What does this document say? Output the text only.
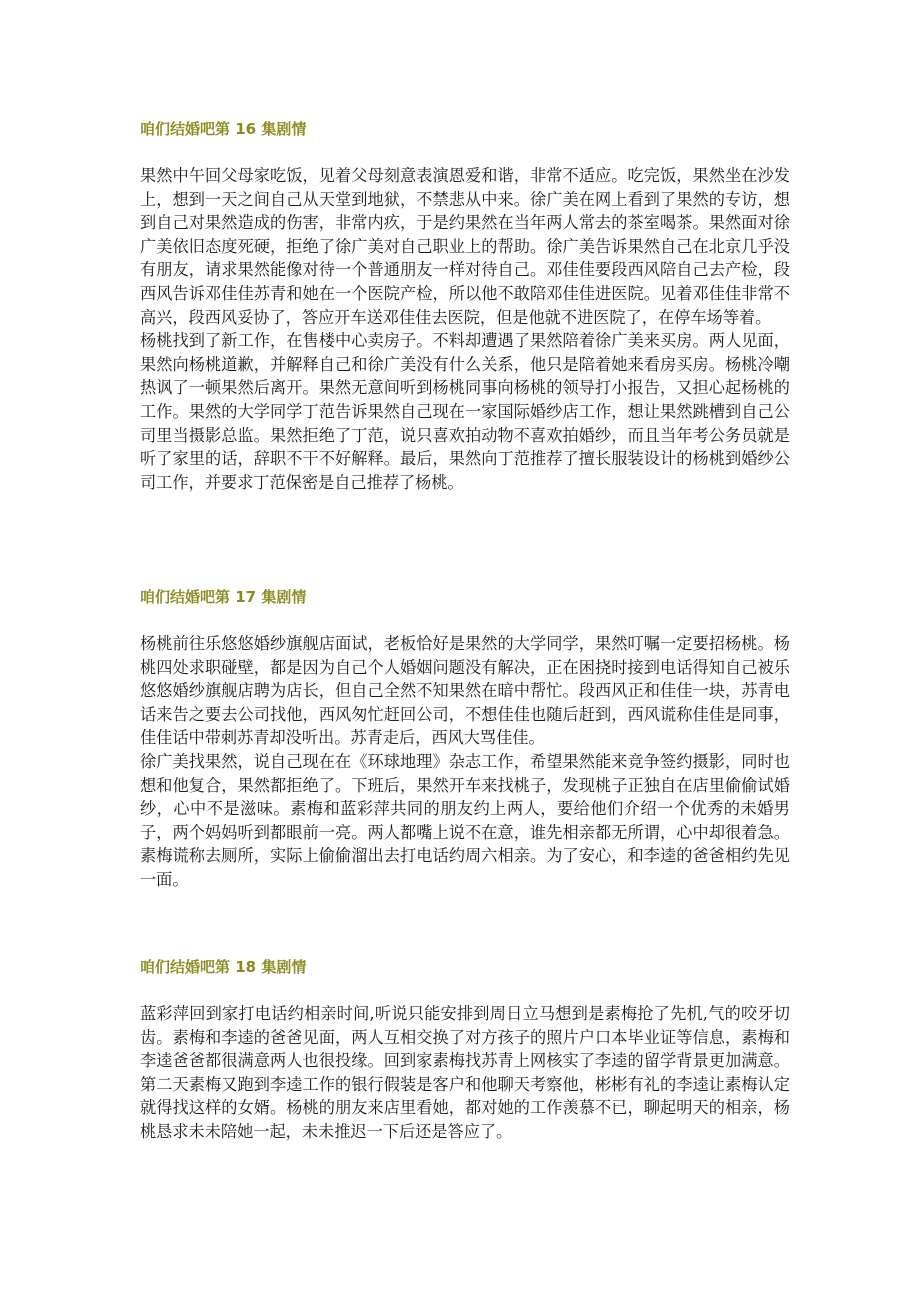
咱们结婚吧第 16 集剧情

果然中午回父母家吃饭，见着父母刻意表演恩爱和谐，非常不适应。吃完饭，果然坐在沙发上，想到一天之间自己从天堂到地狱，不禁悲从中来。徐广美在网上看到了果然的专访，想到自己对果然造成的伤害，非常内疚，于是约果然在当年两人常去的茶室喝茶。果然面对徐广美依旧态度死硬，拒绝了徐广美对自己职业上的帮助。徐广美告诉果然自己在北京几乎没有朋友，请求果然能像对待一个普通朋友一样对待自己。邓佳佳要段西风陪自己去产检，段西风告诉邓佳佳苏青和她在一个医院产检，所以他不敢陪邓佳佳进医院。见着邓佳佳非常不高兴，段西风妥协了，答应开车送邓佳佳去医院，但是他就不进医院了，在停车场等着。

杨桃找到了新工作，在售楼中心卖房子。不料却遭遇了果然陪着徐广美来买房。两人见面，果然向杨桃道歉，并解释自己和徐广美没有什么关系，他只是陪着她来看房买房。杨桃冷嘲热讽了一顿果然后离开。果然无意间听到杨桃同事向杨桃的领导打小报告，又担心起杨桃的工作。果然的大学同学丁范告诉果然自己现在一家国际婚纱店工作，想让果然跳槽到自己公司里当摄影总监。果然拒绝了丁范，说只喜欢拍动物不喜欢拍婚纱，而且当年考公务员就是听了家里的话，辞职不干不好解释。最后，果然向丁范推荐了擅长服装设计的杨桃到婚纱公司工作，并要求丁范保密是自己推荐了杨桃。

咱们结婚吧第 17 集剧情

杨桃前往乐悠悠婚纱旗舰店面试，老板恰好是果然的大学同学，果然叮嘱一定要招杨桃。杨桃四处求职碰壁，都是因为自己个人婚姻问题没有解决，正在困挠时接到电话得知自己被乐悠悠婚纱旗舰店聘为店长，但自己全然不知果然在暗中帮忙。段西风正和佳佳一块，苏青电话来告之要去公司找他，西风匆忙赶回公司，不想佳佳也随后赶到，西风谎称佳佳是同事，佳佳话中带刺苏青却没听出。苏青走后，西风大骂佳佳。

徐广美找果然，说自己现在在《环球地理》杂志工作，希望果然能来竞争签约摄影，同时也想和他复合，果然都拒绝了。下班后，果然开车来找桃子，发现桃子正独自在店里偷偷试婚纱，心中不是滋味。素梅和蓝彩萍共同的朋友约上两人，要给他们介绍一个优秀的未婚男子，两个妈妈听到都眼前一亮。两人都嘴上说不在意，谁先相亲都无所谓，心中却很着急。素梅谎称去厕所，实际上偷偷溜出去打电话约周六相亲。为了安心，和李逵的爸爸相约先见一面。

咱们结婚吧第 18 集剧情

蓝彩萍回到家打电话约相亲时间,听说只能安排到周日立马想到是素梅抢了先机,气的咬牙切齿。素梅和李逵的爸爸见面，两人互相交换了对方孩子的照片户口本毕业证等信息，素梅和李逵爸爸都很满意两人也很投缘。回到家素梅找苏青上网核实了李逵的留学背景更加满意。第二天素梅又跑到李逵工作的银行假装是客户和他聊天考察他，彬彬有礼的李逵让素梅认定就得找这样的女婿。杨桃的朋友来店里看她，都对她的工作羡慕不已，聊起明天的相亲，杨桃恳求未未陪她一起，未未推迟一下后还是答应了。
